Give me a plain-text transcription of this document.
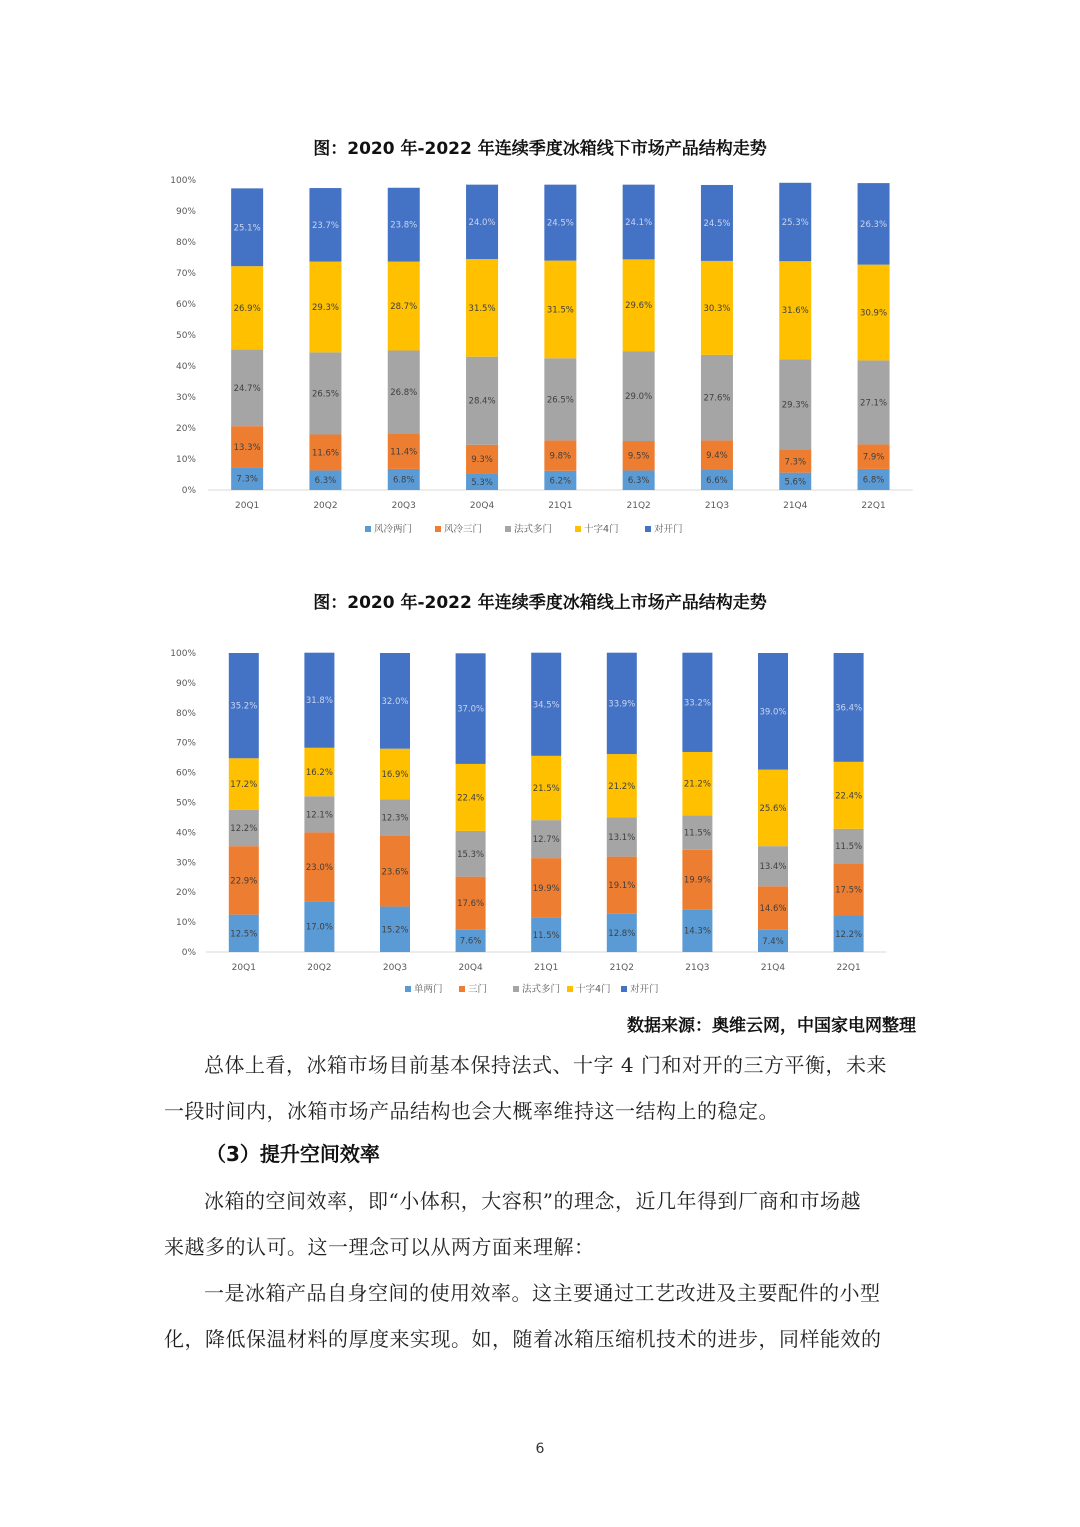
图：2020 年-2022 年连续季度冰箱线下市场产品结构走势
0%
10%
20%
30%
40%
50%
60%
70%
80%
90%
100%
7.3%
13.3%
24.7%
26.9%
25.1%
20Q1
6.3%
11.6%
26.5%
29.3%
23.7%
20Q2
6.8%
11.4%
26.8%
28.7%
23.8%
20Q3
5.3%
9.3%
28.4%
31.5%
24.0%
20Q4
6.2%
9.8%
26.5%
31.5%
24.5%
21Q1
6.3%
9.5%
29.0%
29.6%
24.1%
21Q2
6.6%
9.4%
27.6%
30.3%
24.5%
21Q3
5.6%
7.3%
29.3%
31.6%
25.3%
21Q4
6.8%
7.9%
27.1%
30.9%
26.3%
22Q1
风冷两门	风冷三门	法式多门	十字4门	对开门
图：2020 年-2022 年连续季度冰箱线上市场产品结构走势
0%
10%
20%
30%
40%
50%
60%
70%
80%
90%
100%
12.5%
22.9%
12.2%
17.2%
35.2%
20Q1
17.0%
23.0%
12.1%
16.2%
31.8%
20Q2
15.2%
23.6%
12.3%
16.9%
32.0%
20Q3
7.6%
17.6%
15.3%
22.4%
37.0%
20Q4
11.5%
19.9%
12.7%
21.5%
34.5%
21Q1
12.8%
19.1%
13.1%
21.2%
33.9%
21Q2
14.3%
19.9%
11.5%
21.2%
33.2%
21Q3
7.4%
14.6%
13.4%
25.6%
39.0%
21Q4
12.2%
17.5%
11.5%
22.4%
36.4%
22Q1
单两门	三门	法式多门 十字4门 对开门
数据来源：奥维云网，中国家电网整理

总体上看，冰箱市场目前基本保持法式、十字 4 门和对开的三方平衡，未来

一段时间内，冰箱市场产品结构也会大概率维持这一结构上的稳定。

（3）提升空间效率

冰箱的空间效率，即“小体积，大容积”的理念，近几年得到厂商和市场越

来越多的认可。这一理念可以从两方面来理解：

一是冰箱产品自身空间的使用效率。这主要通过工艺改进及主要配件的小型

化，降低保温材料的厚度来实现。如，随着冰箱压缩机技术的进步，同样能效的

6
